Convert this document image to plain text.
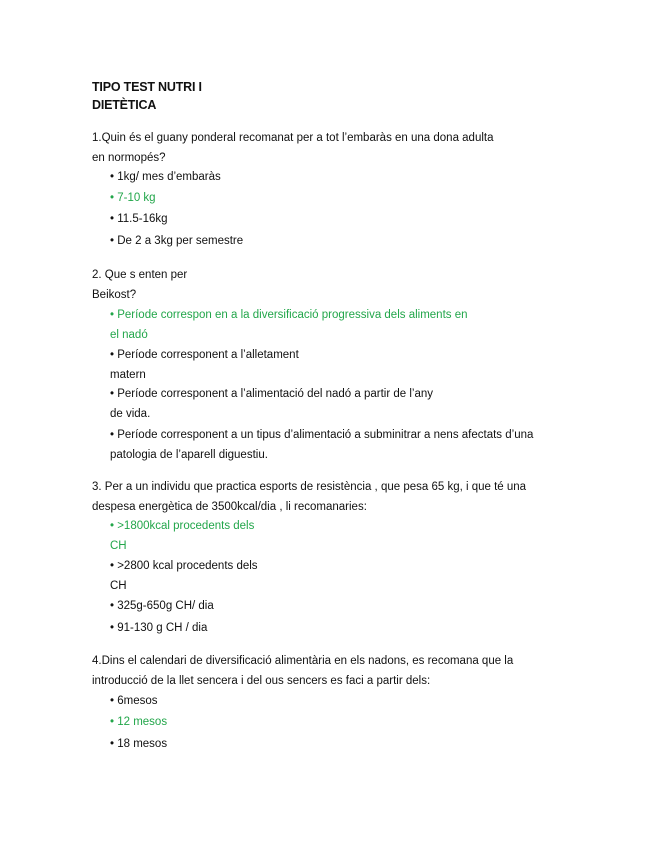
TIPO TEST NUTRI I
DIETÈTICA
1.Quin és el guany ponderal recomanat per a tot l’embaràs en una dona adulta
en normopés?
• 1kg/ mes d’embaràs
• 7-10 kg
• 11.5-16kg
• De 2 a 3kg per semestre
2. Que s enten per
Beikost?
• Període correspon en a la diversificació progressiva dels aliments en
el nadó
• Període corresponent a l’alletament
matern
• Període corresponent a l’alimentació del nadó a partir de l’any
de vida.
• Període corresponent a un tipus d’alimentació a subminitrar a nens afectats d’una
patologia de l’aparell diguestiu.
3. Per a un individu que practica esports de resistència , que pesa 65 kg, i que té una
despesa energètica de 3500kcal/dia , li recomanaries:
• >1800kcal procedents dels
CH
• >2800 kcal procedents dels
CH
• 325g-650g CH/ dia
• 91-130 g CH / dia
4.Dins el calendari de diversificació alimentària en els nadons, es recomana que la
introducció de la llet sencera i del ous sencers es faci a partir dels:
• 6mesos
• 12 mesos
• 18 mesos
